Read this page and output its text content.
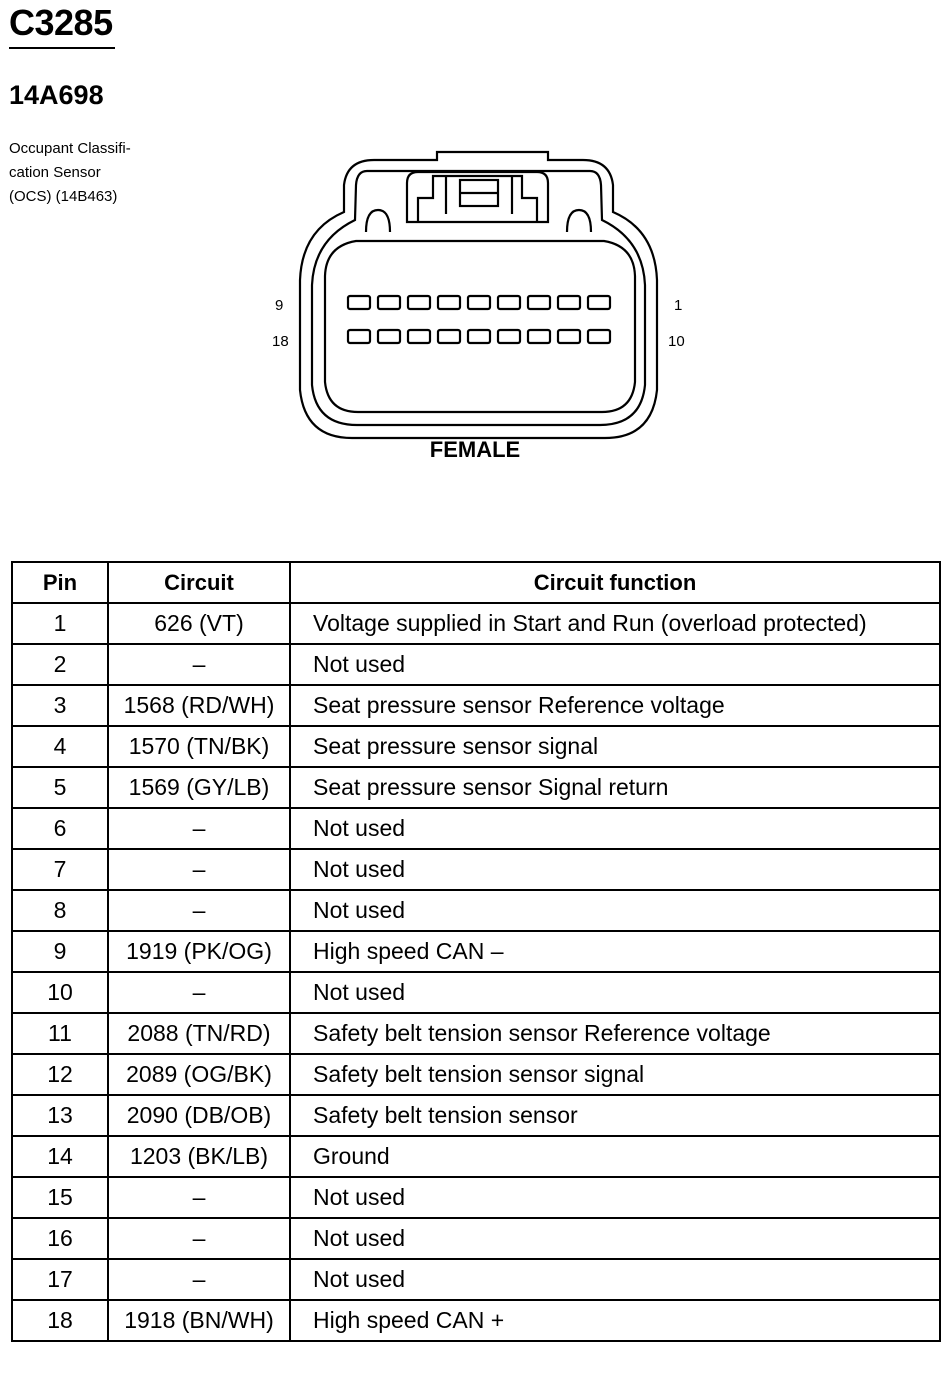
C3285
14A698
Occupant Classifi-
cation Sensor
(OCS) (14B463)
9
18
1
10
FEMALE
Pin	Circuit	Circuit function
1	626 (VT)	Voltage supplied in Start and Run (overload protected)
2	–	Not used
3	1568 (RD/WH)	Seat pressure sensor Reference voltage
4	1570 (TN/BK)	Seat pressure sensor signal
5	1569 (GY/LB)	Seat pressure sensor Signal return
6	–	Not used
7	–	Not used
8	–	Not used
9	1919 (PK/OG)	High speed CAN –
10	–	Not used
11	2088 (TN/RD)	Safety belt tension sensor Reference voltage
12	2089 (OG/BK)	Safety belt tension sensor signal
13	2090 (DB/OB)	Safety belt tension sensor
14	1203 (BK/LB)	Ground
15	–	Not used
16	–	Not used
17	–	Not used
18	1918 (BN/WH)	High speed CAN +
